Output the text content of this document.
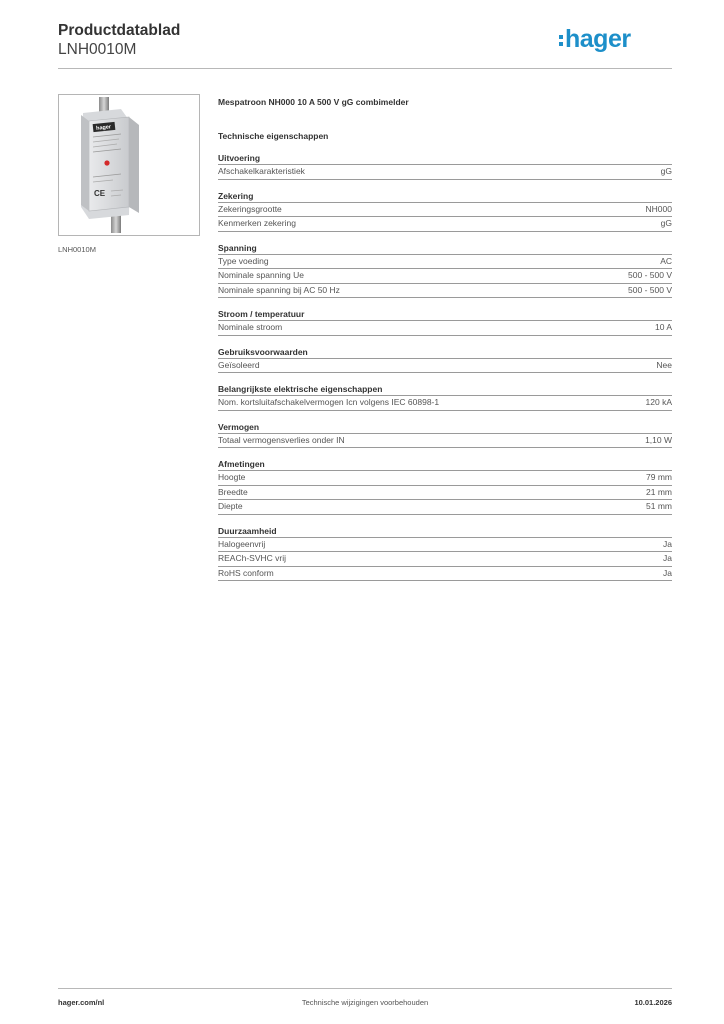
Productdatablad
LNH0010M	hager
hager
CE
LNH0010M
Mespatroon NH000 10 A 500 V gG combimelder
Technische eigenschappen
Uitvoering
Afschakelkarakteristiek	gG
Zekering
Zekeringsgrootte	NH000
Kenmerken zekering	gG
Spanning
Type voeding	AC
Nominale spanning Ue	500 - 500 V
Nominale spanning bij AC 50 Hz	500 - 500 V
Stroom / temperatuur
Nominale stroom	10 A
Gebruiksvoorwaarden
Geïsoleerd	Nee
Belangrijkste elektrische eigenschappen
Nom. kortsluitafschakelvermogen Icn volgens IEC 60898-1	120 kA
Vermogen
Totaal vermogensverlies onder IN	1,10 W
Afmetingen
Hoogte	79 mm
Breedte	21 mm
Diepte	51 mm
Duurzaamheid
Halogeenvrij	Ja
REACh-SVHC vrij	Ja
RoHS conform	Ja
hager.com/nl	Technische wijzigingen voorbehouden	10.01.2026
